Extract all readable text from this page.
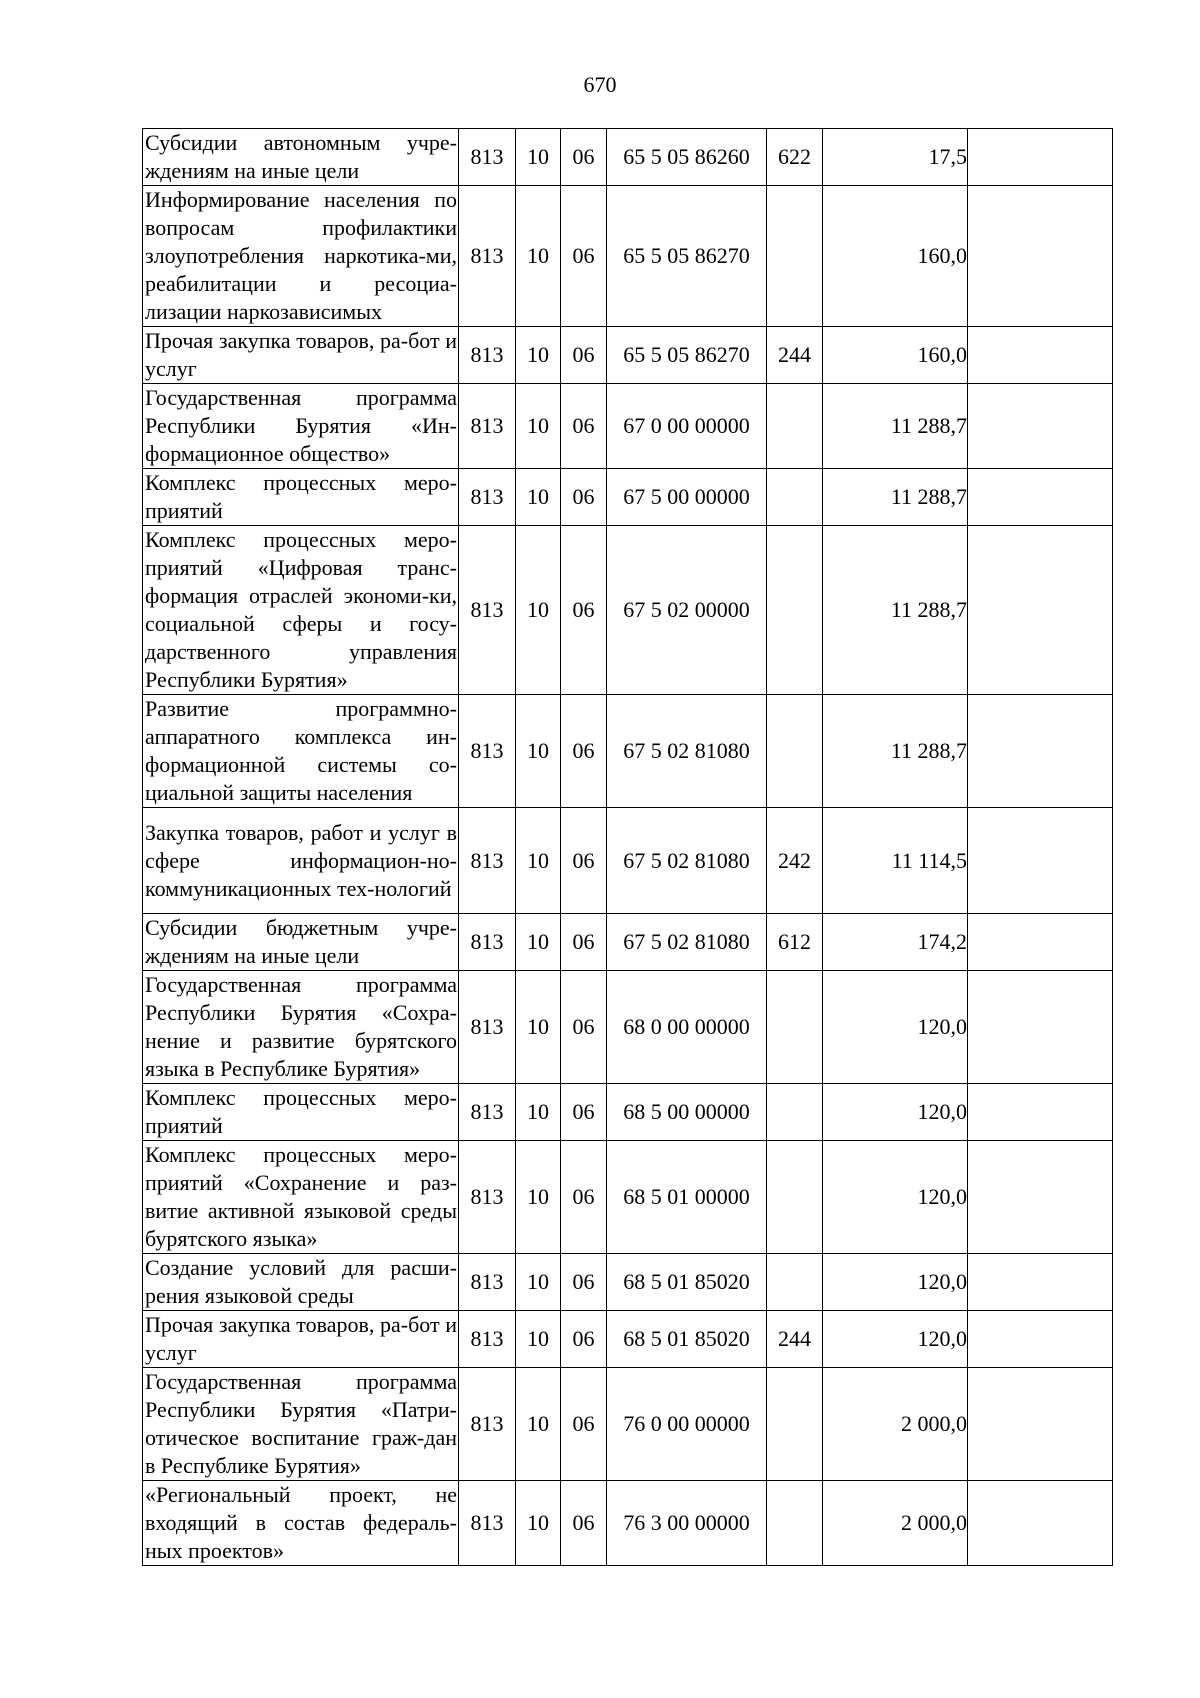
670
Субсидии автономным учре-ждениям на иные цели	813	10	06	65 5 05 86260	622	17,5	
Информирование населения по вопросам профилактики злоупотребления наркотика-ми, реабилитации и ресоциа-лизации наркозависимых	813	10	06	65 5 05 86270		160,0	
Прочая закупка товаров, ра-бот и услуг	813	10	06	65 5 05 86270	244	160,0	
Государственная программа Республики Бурятия «Ин-формационное общество»	813	10	06	67 0 00 00000		11 288,7	
Комплекс процессных меро-приятий	813	10	06	67 5 00 00000		11 288,7	
Комплекс процессных меро-приятий «Цифровая транс-формация отраслей экономи-ки, социальной сферы и госу-дарственного управления Республики Бурятия»	813	10	06	67 5 02 00000		11 288,7	
Развитие программно-аппаратного комплекса ин-формационной системы со-циальной защиты населения	813	10	06	67 5 02 81080		11 288,7	
Закупка товаров, работ и услуг в сфере информацион-но-коммуникационных тех-нологий	813	10	06	67 5 02 81080	242	11 114,5	
Субсидии бюджетным учре-ждениям на иные цели	813	10	06	67 5 02 81080	612	174,2	
Государственная программа Республики Бурятия «Сохра-нение и развитие бурятского языка в Республике Бурятия»	813	10	06	68 0 00 00000		120,0	
Комплекс процессных меро-приятий	813	10	06	68 5 00 00000		120,0	
Комплекс процессных меро-приятий «Сохранение и раз-витие активной языковой среды бурятского языка»	813	10	06	68 5 01 00000		120,0	
Создание условий для расши-рения языковой среды	813	10	06	68 5 01 85020		120,0	
Прочая закупка товаров, ра-бот и услуг	813	10	06	68 5 01 85020	244	120,0	
Государственная программа Республики Бурятия «Патри-отическое воспитание граж-дан в Республике Бурятия»	813	10	06	76 0 00 00000		2 000,0	
«Региональный проект, не входящий в состав федераль-ных проектов»	813	10	06	76 3 00 00000		2 000,0	
